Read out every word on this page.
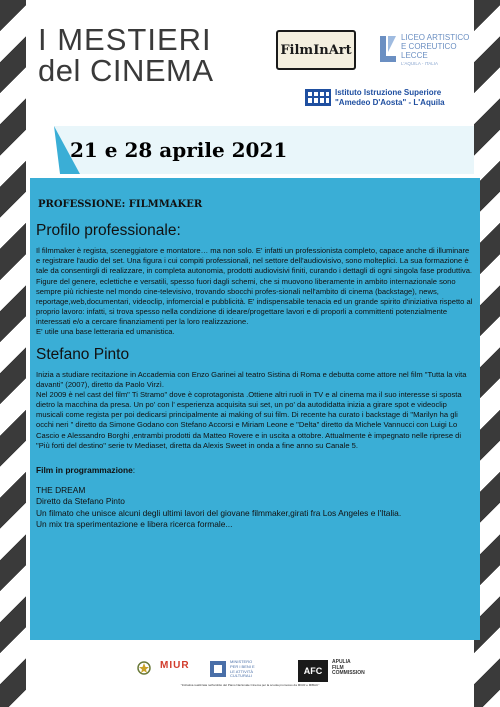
I MESTIERI
del CINEMA
FilmInArt
LICEO ARTISTICO
E COREUTICO
LECCE
L'AQUILA - ITALIA
Istituto Istruzione Superiore
"Amedeo D'Aosta" - L'Aquila
21 e 28 aprile 2021
PROFESSIONE: FILMMAKER
Profilo professionale:

Il filmmaker è regista, sceneggiatore e montatore… ma non solo. E' infatti un professionista completo, capace anche di illuminare e registrare l'audio del set. Una figura i cui compiti professionali, nel settore dell'audiovisivo, sono molteplici. La sua formazione è tale da consentirgli di realizzare, in completa autonomia, prodotti audiovisivi finiti, curando i dettagli di ogni singola fase produttiva. Figure del genere, eclettiche e versatili, spesso fuori dagli schemi, che si muovono liberamente in ambito internazionale sono sempre più richieste nel mondo cine-televisivo, trovando sbocchi profes-sionali nell'ambito di cinema (backstage), news, reportage,web,documentari, videoclip, infomercial e pubblicità. E' indispensabile tenacia ed un grande spirito d'iniziativa rispetto al proprio lavoro: infatti, si trova spesso nella condizione di ideare/progettare lavori e di proporli a committenti potenzialmente interessati e/o a cercare finanziamenti per la loro realizzazione.

E' utile una base letteraria ed umanistica.

Stefano Pinto

Inizia a studiare recitazione in Accademia con Enzo Garinei al teatro Sistina di Roma e debutta come attore nel film "Tutta la vita davanti" (2007), diretto da Paolo Virzì.

Nel 2009 è nel cast del film" Ti Stramo" dove è coprotagonista .Ottiene altri ruoli in TV e al cinema ma il suo interesse si sposta dietro la macchina da presa. Un po' con l' esperienza acquisita sui set, un po' da autodidatta inizia a girare spot e videoclip musicali come regista per poi dedicarsi principalmente ai making of sui film. Di recente ha curato i backstage di "Marilyn ha gli occhi neri " diretto da Simone Godano con Stefano Accorsi e Miriam Leone e "Delta" diretto da Michele Vannucci con Luigi Lo Cascio e Alessandro Borghi ,entrambi prodotti da Matteo Rovere e in uscita a ottobre. Attualmente è impegnato nelle riprese di "Più forti del destino" serie tv Mediaset, diretta da Alexis Sweet in onda a fine anno su Canale 5.

Film in programmazione:

THE DREAM

Diretto da Stefano Pinto

Un filmato che unisce alcuni degli ultimi lavori del giovane filmmaker,girati fra Los Angeles e l'Italia.

Un mix tra sperimentazione e libera ricerca formale...

MIUR	MINISTERO
PER I BENI E
LE ATTIVITÀ
CULTURALI
"Iniziativa realizzata nell'ambito del Piano Nazionale Cinema per la scuola promosso da MIUR e MIBAC"
AFC
APULIA
FILM
COMMISSION
